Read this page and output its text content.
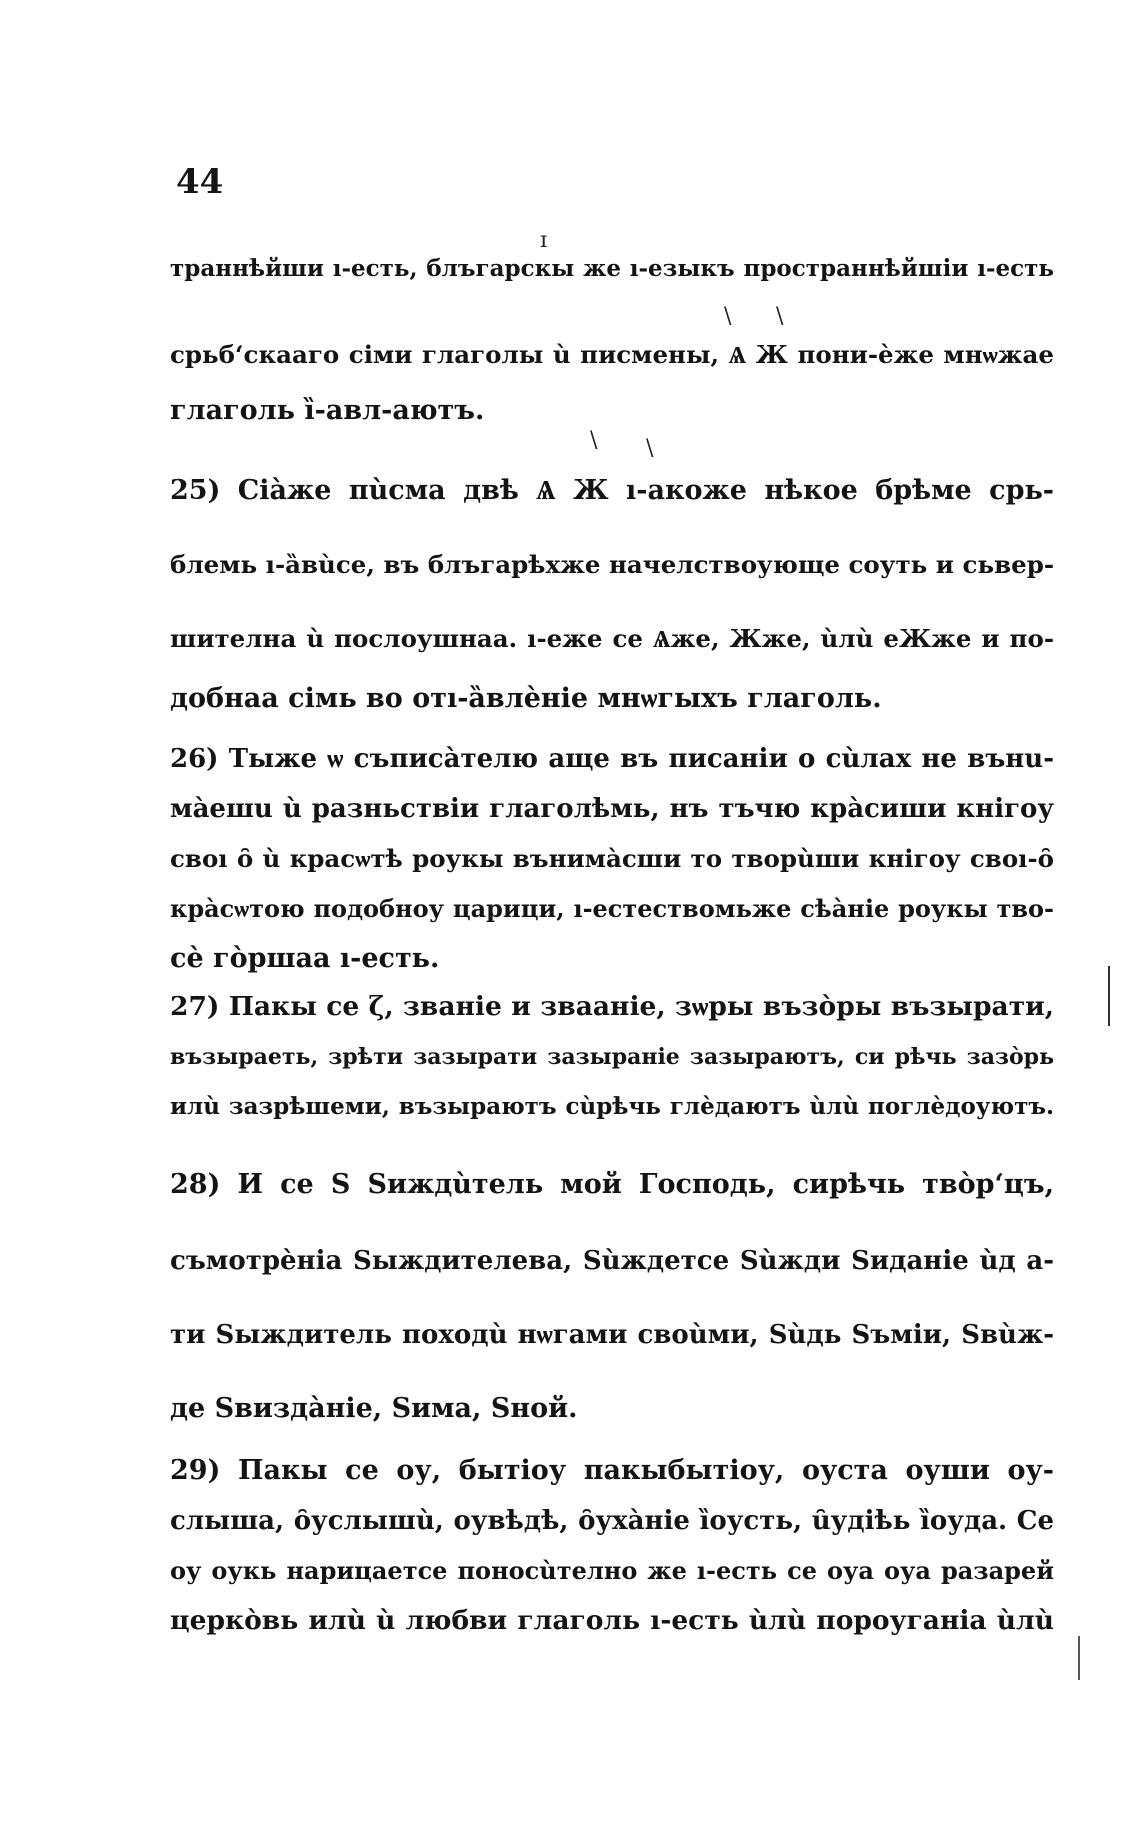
44
ɪ
\ \
\ \
траннѣйши ı-есть, блъгарскы же ı-езыкъ пространнѣйшiи ı-есть
срьбʻскааго сiми глаголы ù писмены, Ѧ Ж пони-ѐже мнѡжае
глаголь ȉ-авл-аютъ.
25) Сiàже пùсма двѣ Ѧ Ж ı-акоже нѣкое брѣме срь-
блемь ı-ȁвùсе, въ блъгарѣхже начелствоующе соуть и сьвер-
шителна ù послоушнаа. ı-еже се Ѧже, Жже, ùлù еЖже и по-
добнаа сiмь во отı-ȁвлèнiе мнѡгыхъ глаголь.
26) Тыже ѡ съписàтелю аще въ писанiи о сùлах не вънu-
мàешu ù разньствiи глаголѣмь, нъ тъчю крàсиши кнiгоу
своı ȏ ù красѡтѣ роукы вънимàсши то творùши кнiгоу своı-ȏ
крàсѡтою подобноу царици, ı-естествомьже сѣàнiе роукы тво-
сѐ гòршаа ı-есть.
27) Пакы се ζ, званiе и зваанiе, зѡры възòры възырати,
възыраеть, зрѣти зазырати зазыранiе зазыраютъ, си рѣчь зазòрь
илù зазрѣшеми, възыраютъ сùрѣчь глèдаютъ ùлù поглèдоуютъ.
28) И се Ѕ Ѕиждùтель мой Господь, сирѣчь твòрʻцъ,
съмотрèнiа Ѕыждителева, Ѕùждетсе Ѕùжди Ѕиданiе ùд а-
ти Ѕыждитель походù нѡгами своùми, Ѕùдь Ѕъмiи, Ѕвùж-
де Ѕвиздàнiе, Ѕима, Ѕной.
29) Пакы се оу, бытiоу пакыбытiоу, оуста оуши оу-
слыша, ȏуслышù, оувѣдѣ, ȏухàнiе ȉоусть, ȗудiѣь ȉоуда. Се
оу оукь нарицаетсе поносùтелно же ı-есть се оуа оуа разарей
церкòвь илù ù любви глаголь ı-есть ùлù пороуганiа ùлù
